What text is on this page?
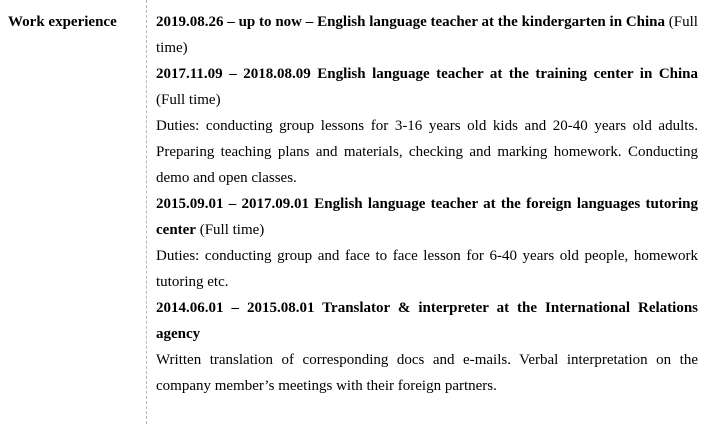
Work experience	2019.08.26 – up to now – English language teacher at the kindergarten in China (Full time)

2017.11.09 – 2018.08.09 English language teacher at the training center in China (Full time)

Duties: conducting group lessons for 3-16 years old kids and 20-40 years old adults. Preparing teaching plans and materials, checking and marking homework. Conducting demo and open classes.

2015.09.01 – 2017.09.01 English language teacher at the foreign languages tutoring center (Full time)

Duties: conducting group and face to face lesson for 6-40 years old people, homework tutoring etc.

2014.06.01 – 2015.08.01 Translator & interpreter at the International Relations agency

Written translation of corresponding docs and e-mails. Verbal interpretation on the company member’s meetings with their foreign partners.
